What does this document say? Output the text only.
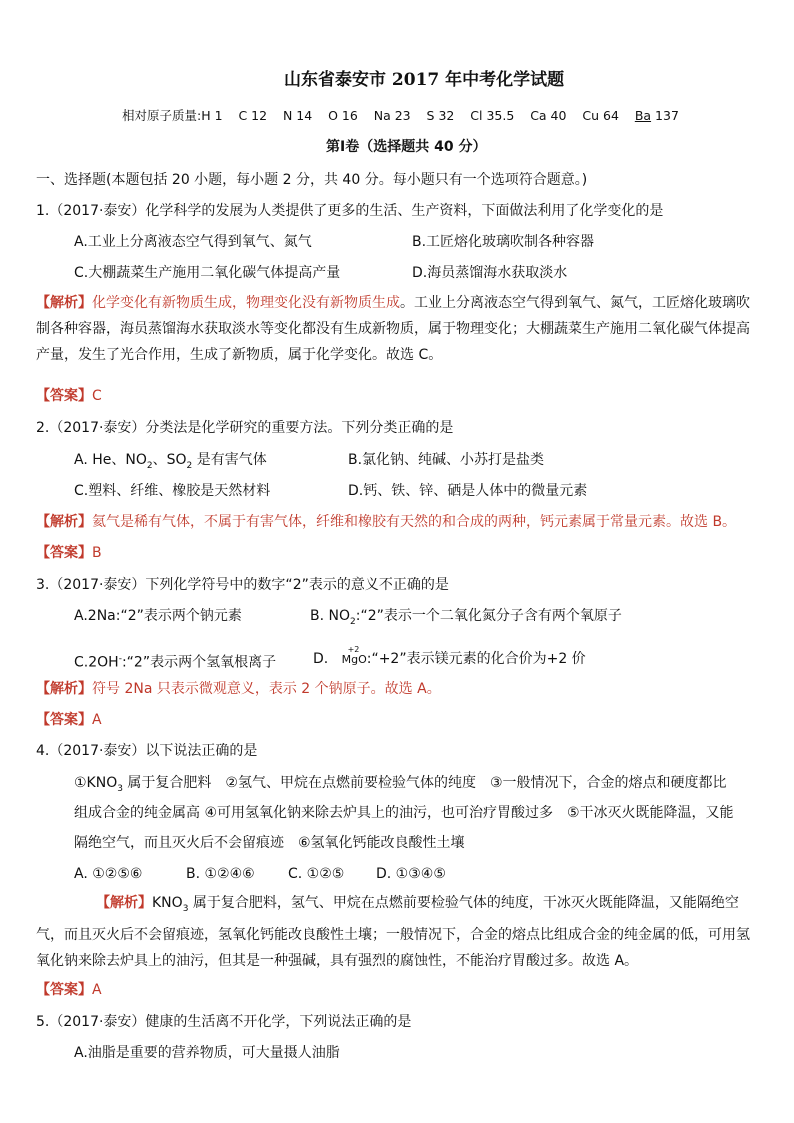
山东省泰安市 2017 年中考化学试题
相对原子质量:H 1 C 12 N 14 O 16 Na 23 S 32 Cl 35.5 Ca 40 Cu 64 Ba 137
第Ⅰ卷（选择题共 40 分）
一、选择题(本题包括 20 小题，每小题 2 分，共 40 分。每小题只有一个选项符合题意。)
1.（2017·泰安）化学科学的发展为人类提供了更多的生活、生产资料，下面做法利用了化学变化的是
A.工业上分离液态空气得到氧气、氮气	B.工匠熔化玻璃吹制各种容器
C.大棚蔬菜生产施用二氧化碳气体提高产量	D.海员蒸馏海水获取淡水
【解析】化学变化有新物质生成，物理变化没有新物质生成。工业上分离液态空气得到氧气、氮气，工匠熔化玻璃吹制各种容器，海员蒸馏海水获取淡水等变化都没有生成新物质，属于物理变化；大棚蔬菜生产施用二氧化碳气体提高产量，发生了光合作用，生成了新物质，属于化学变化。故选 C。
【答案】C
2.（2017·泰安）分类法是化学研究的重要方法。下列分类正确的是
A. He、$NO_2$、$SO_2$ 是有害气体	B.氯化钠、纯碱、小苏打是盐类
C.塑料、纤维、橡胶是天然材料	D.钙、铁、锌、硒是人体中的微量元素
【解析】氦气是稀有气体，不属于有害气体，纤维和橡胶有天然的和合成的两种，钙元素属于常量元素。故选 B。
【答案】B
3.（2017·泰安）下列化学符号中的数字“2”表示的意义不正确的是
A.2Na:“2”表示两个钠元素	B. $NO_2:“2$”表示一个二氧化氮分子含有两个氧原子
C.2OH-:“2”表示两个氢氧根离子	D.
+2
MgO:“+2”表示镁元素的化合价为+2 价
【解析】符号 2Na 只表示微观意义，表示 2 个钠原子。故选 A。
【答案】A
4.（2017·泰安）以下说法正确的是
$①KNO_3$ 属于复合肥料　②氢气、甲烷在点燃前要检验气体的纯度　③一般情况下，合金的熔点和硬度都比
组成合金的纯金属高 ④可用氢氧化钠来除去炉具上的油污，也可治疗胃酸过多　⑤干冰灭火既能降温，又能
隔绝空气，而且灭火后不会留痕迹　⑥氢氧化钙能改良酸性土壤
A. ①②⑤⑥	B. ①②④⑥ C. ①②⑤ D. ①③④⑤
【解析】$KNO_3$ 属于复合肥料，氢气、甲烷在点燃前要检验气体的纯度，干冰灭火既能降温，又能隔绝空气，而且灭火后不会留痕迹，氢氧化钙能改良酸性土壤；一般情况下，合金的熔点比组成合金的纯金属的低，可用氢氧化钠来除去炉具上的油污，但其是一种强碱，具有强烈的腐蚀性，不能治疗胃酸过多。故选 A。
【答案】A
5.（2017·泰安）健康的生活离不开化学，下列说法正确的是
A.油脂是重要的营养物质，可大量摄人油脂
